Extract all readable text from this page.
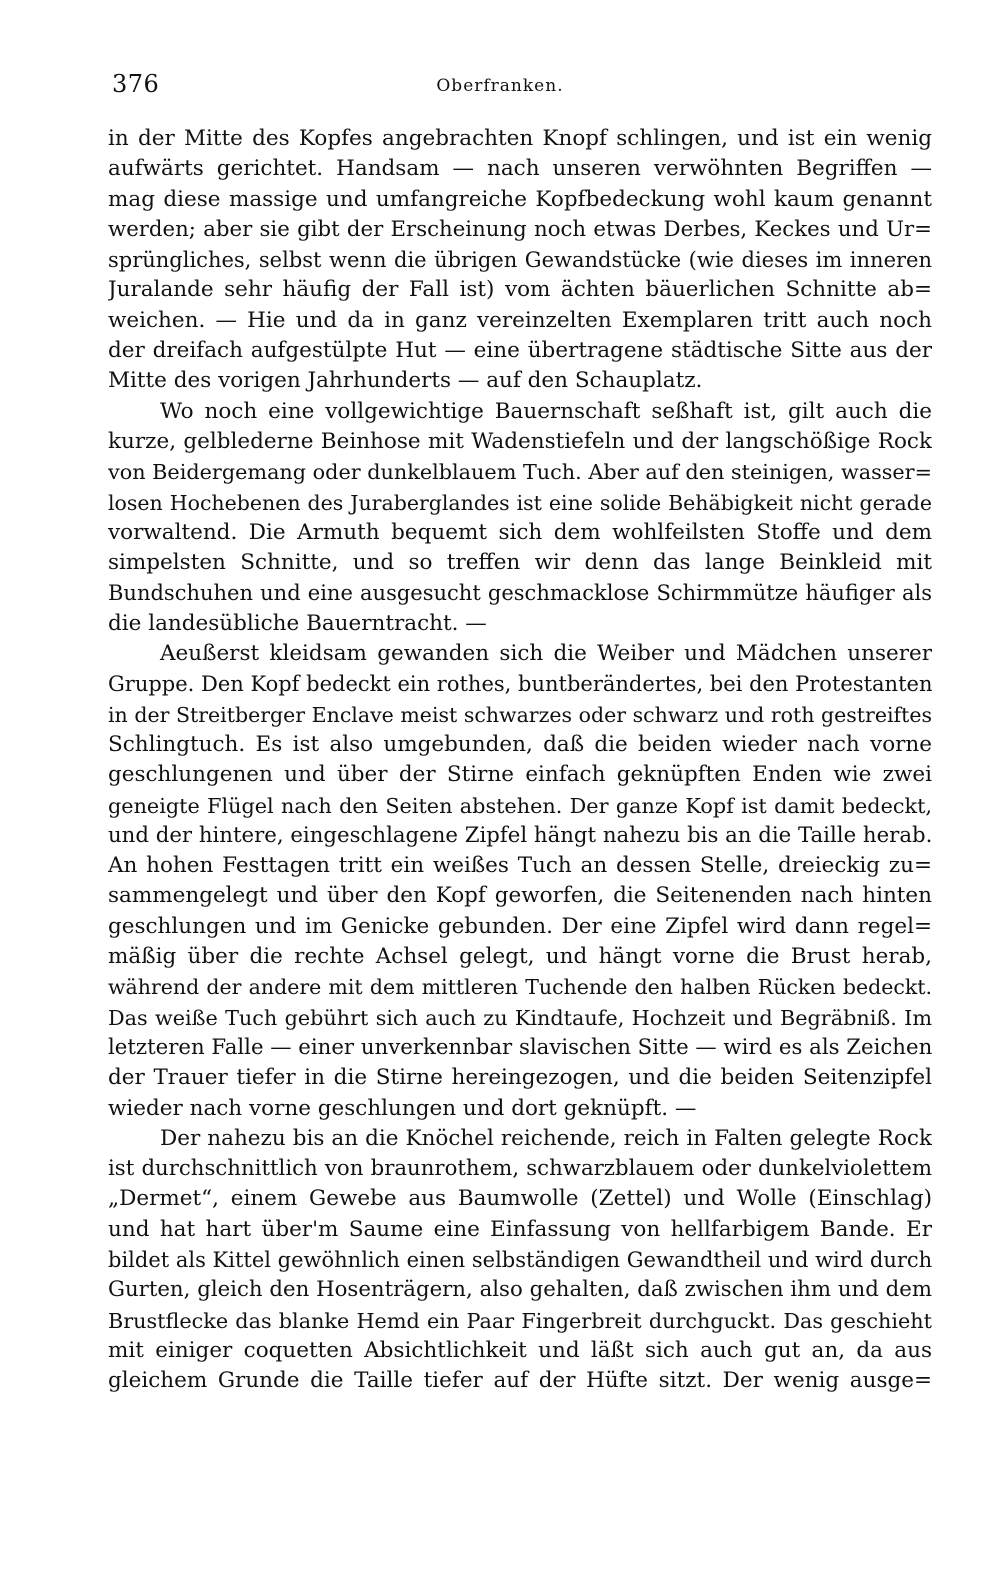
376	Oberfranken.
in der Mitte des Kopfes angebrachten Knopf schlingen, und ist ein wenig
aufwärts gerichtet. Handsam — nach unseren verwöhnten Begriffen —
mag diese massige und umfangreiche Kopfbedeckung wohl kaum genannt
werden; aber sie gibt der Erscheinung noch etwas Derbes, Keckes und Ur=
sprüngliches, selbst wenn die übrigen Gewandstücke (wie dieses im inneren
Juralande sehr häufig der Fall ist) vom ächten bäuerlichen Schnitte ab=
weichen. — Hie und da in ganz vereinzelten Exemplaren tritt auch noch
der dreifach aufgestülpte Hut — eine übertragene städtische Sitte aus der
Mitte des vorigen Jahrhunderts — auf den Schauplatz.
Wo noch eine vollgewichtige Bauernschaft seßhaft ist, gilt auch die
kurze, gelblederne Beinhose mit Wadenstiefeln und der langschößige Rock
von Beidergemang oder dunkelblauem Tuch. Aber auf den steinigen, wasser=
losen Hochebenen des Juraberglandes ist eine solide Behäbigkeit nicht gerade
vorwaltend. Die Armuth bequemt sich dem wohlfeilsten Stoffe und dem
simpelsten Schnitte, und so treffen wir denn das lange Beinkleid mit
Bundschuhen und eine ausgesucht geschmacklose Schirmmütze häufiger als
die landesübliche Bauerntracht. —
Aeußerst kleidsam gewanden sich die Weiber und Mädchen unserer
Gruppe. Den Kopf bedeckt ein rothes, buntberändertes, bei den Protestanten
in der Streitberger Enclave meist schwarzes oder schwarz und roth gestreiftes
Schlingtuch. Es ist also umgebunden, daß die beiden wieder nach vorne
geschlungenen und über der Stirne einfach geknüpften Enden wie zwei
geneigte Flügel nach den Seiten abstehen. Der ganze Kopf ist damit bedeckt,
und der hintere, eingeschlagene Zipfel hängt nahezu bis an die Taille herab.
An hohen Festtagen tritt ein weißes Tuch an dessen Stelle, dreieckig zu=
sammengelegt und über den Kopf geworfen, die Seitenenden nach hinten
geschlungen und im Genicke gebunden. Der eine Zipfel wird dann regel=
mäßig über die rechte Achsel gelegt, und hängt vorne die Brust herab,
während der andere mit dem mittleren Tuchende den halben Rücken bedeckt.
Das weiße Tuch gebührt sich auch zu Kindtaufe, Hochzeit und Begräbniß. Im
letzteren Falle — einer unverkennbar slavischen Sitte — wird es als Zeichen
der Trauer tiefer in die Stirne hereingezogen, und die beiden Seitenzipfel
wieder nach vorne geschlungen und dort geknüpft. —
Der nahezu bis an die Knöchel reichende, reich in Falten gelegte Rock
ist durchschnittlich von braunrothem, schwarzblauem oder dunkelviolettem
„Dermet“, einem Gewebe aus Baumwolle (Zettel) und Wolle (Einschlag)
und hat hart über'm Saume eine Einfassung von hellfarbigem Bande. Er
bildet als Kittel gewöhnlich einen selbständigen Gewandtheil und wird durch
Gurten, gleich den Hosenträgern, also gehalten, daß zwischen ihm und dem
Brustflecke das blanke Hemd ein Paar Fingerbreit durchguckt. Das geschieht
mit einiger coquetten Absichtlichkeit und läßt sich auch gut an, da aus
gleichem Grunde die Taille tiefer auf der Hüfte sitzt. Der wenig ausge=
